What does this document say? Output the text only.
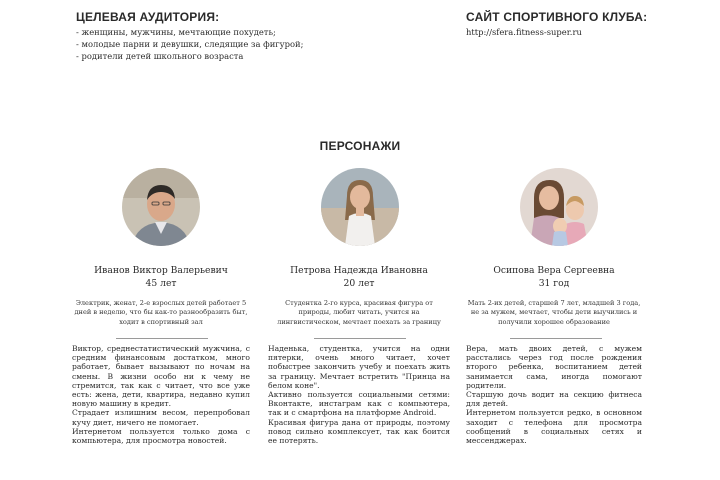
ЦЕЛЕВАЯ АУДИТОРИЯ:
- женщины, мужчины, мечтающие похудеть;
- молодые парни и девушки, следящие за фигурой;
- родители детей школьного возраста
САЙТ СПОРТИВНОГО КЛУБА:
http://sfera.fitness-super.ru
ПЕРСОНАЖИ
Иванов Виктор Валерьевич
45 лет
Электрик, женат, 2-е взрослых детей работает 5 дней в неделю, что бы как-то разнообразить быт, ходит в спортивный зал

Виктор, среднестатистический мужчина, с средним финансовым достатком, много работает, бывает вызывают по ночам на смены. В жизни особо ни к чему не стремится, так как с читает, что все уже есть: жена, дети, квартира, недавно купил новую машину в кредит.

Страдает излишним весом, перепробовал кучу диет, ничего не помогает.

Интернетом пользуется только дома с компьютера, для просмотра новостей.

Петрова Надежда Ивановна
20 лет
Студентка 2-го курса, красивая фигура от природы, любит читать, учится на лингвистическом, мечтает поехать за границу

Наденька, студентка, учится на одни пятерки, очень много читает, хочет побыстрее закончить учебу и поехать жить за границу. Мечтает встретить "Принца на белом коне".

Активно пользуется социальными сетями: Вконтакте, инстаграм как с компьютера, так и с смартфона на платформе Android.

Красивая фигура дана от природы, поэтому повод сильно комплексует, так как боится ее потерять.

Осипова Вера Сергеевна
31 год
Мать 2-их детей, старшей 7 лет, младшей 3 года, не за мужем, мечтает, чтобы дети выучились и получили хорошее образование

Вера, мать двоих детей, с мужем расстались через год после рождения второго ребенка, воспитанием детей занимается сама, иногда помогают родители.

Старшую дочь водит на секцию фитнеса для детей.

Интернетом пользуется редко, в основном заходит с телефона для просмотра сообщений в социальных сетях и мессенджерах.
